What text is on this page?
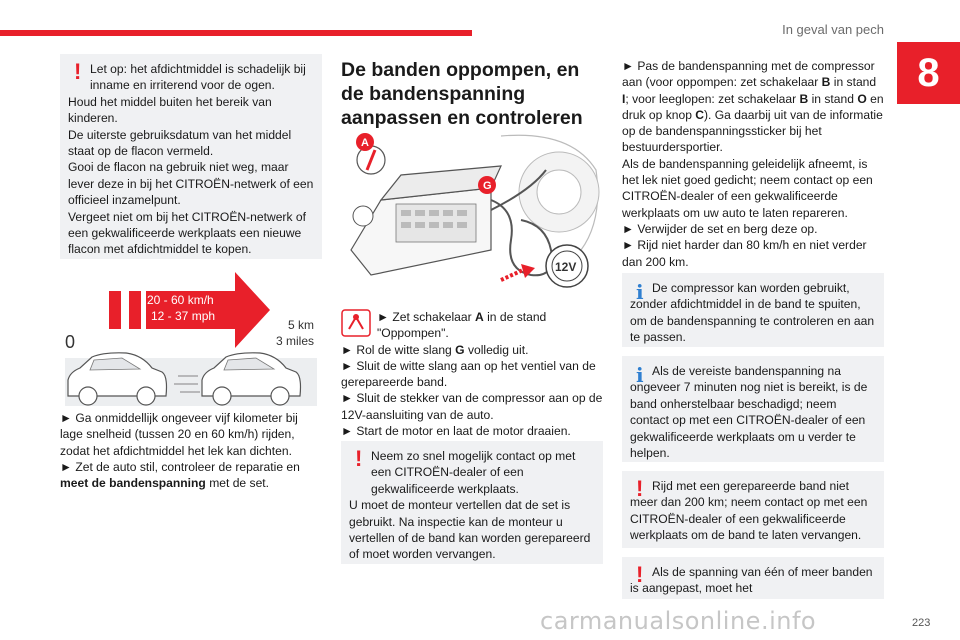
In geval van pech
8
! Let op: het afdichtmiddel is schadelijk bij inname en irriterend voor de ogen.

Houd het middel buiten het bereik van kinderen.

De uiterste gebruiksdatum van het middel staat op de flacon vermeld.

Gooi de flacon na gebruik niet weg, maar lever deze in bij het CITROËN-netwerk of een officieel inzamelpunt.

Vergeet niet om bij het CITROËN-netwerk of een gekwalificeerde werkplaats een nieuwe flacon met afdichtmiddel te kopen.

20 - 60 km/h
12 - 37 mph
5 km
3 miles
0

► Ga onmiddellijk ongeveer vijf kilometer bij lage snelheid (tussen 20 en 60 km/h) rijden, zodat het afdichtmiddel het lek kan dichten.

► Zet de auto stil, controleer de reparatie en meet de bandenspanning met de set.

De banden oppompen, en de bandenspanning aanpassen en controleren
A
G
12V

► Zet schakelaar A in de stand "Oppompen".

► Rol de witte slang G volledig uit.

► Sluit de witte slang aan op het ventiel van de gerepareerde band.

► Sluit de stekker van de compressor aan op de 12V-aansluiting van de auto.

► Start de motor en laat de motor draaien.

! Neem zo snel mogelijk contact op met een CITROËN-dealer of een gekwalificeerde werkplaats.

U moet de monteur vertellen dat de set is gebruikt. Na inspectie kan de monteur u vertellen of de band kan worden gerepareerd of moet worden vervangen.

► Pas de bandenspanning met de compressor aan (voor oppompen: zet schakelaar B in stand I; voor leeglopen: zet schakelaar B in stand O en druk op knop C). Ga daarbij uit van de informatie op de bandenspanningssticker bij het bestuurdersportier.

Als de bandenspanning geleidelijk afneemt, is het lek niet goed gedicht; neem contact op een CITROËN-dealer of een gekwalificeerde werkplaats om uw auto te laten repareren.

► Verwijder de set en berg deze op.

► Rijd niet harder dan 80 km/h en niet verder dan 200 km.

i De compressor kan worden gebruikt, zonder afdichtmiddel in de band te spuiten, om de bandenspanning te controleren en aan te passen.

i Als de vereiste bandenspanning na ongeveer 7 minuten nog niet is bereikt, is de band onherstelbaar beschadigd; neem contact op met een CITROËN-dealer of een gekwalificeerde werkplaats om u verder te helpen.

! Rijd met een gerepareerde band niet meer dan 200 km; neem contact op met een CITROËN-dealer of een gekwalificeerde werkplaats om de band te laten vervangen.

! Als de spanning van één of meer banden is aangepast, moet het

carmanualsonline.info	223
